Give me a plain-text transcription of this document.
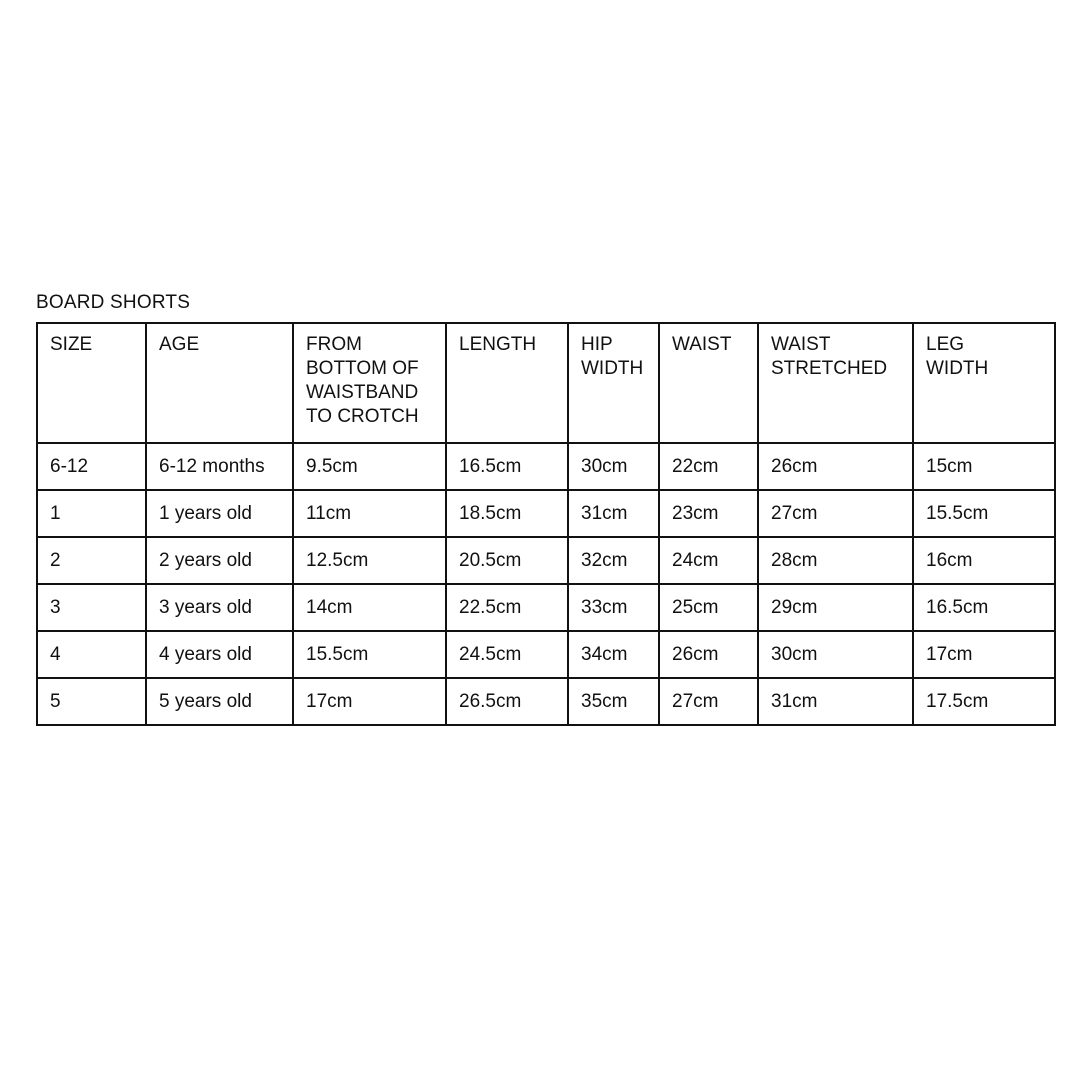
BOARD SHORTS
SIZE	AGE	FROM BOTTOM OF WAISTBAND TO CROTCH	LENGTH	HIP WIDTH	WAIST	WAIST STRETCHED	LEG WIDTH
6-12	6-12 months	9.5cm	16.5cm	30cm	22cm	26cm	15cm
1	1 years old	11cm	18.5cm	31cm	23cm	27cm	15.5cm
2	2 years old	12.5cm	20.5cm	32cm	24cm	28cm	16cm
3	3 years old	14cm	22.5cm	33cm	25cm	29cm	16.5cm
4	4 years old	15.5cm	24.5cm	34cm	26cm	30cm	17cm
5	5 years old	17cm	26.5cm	35cm	27cm	31cm	17.5cm
